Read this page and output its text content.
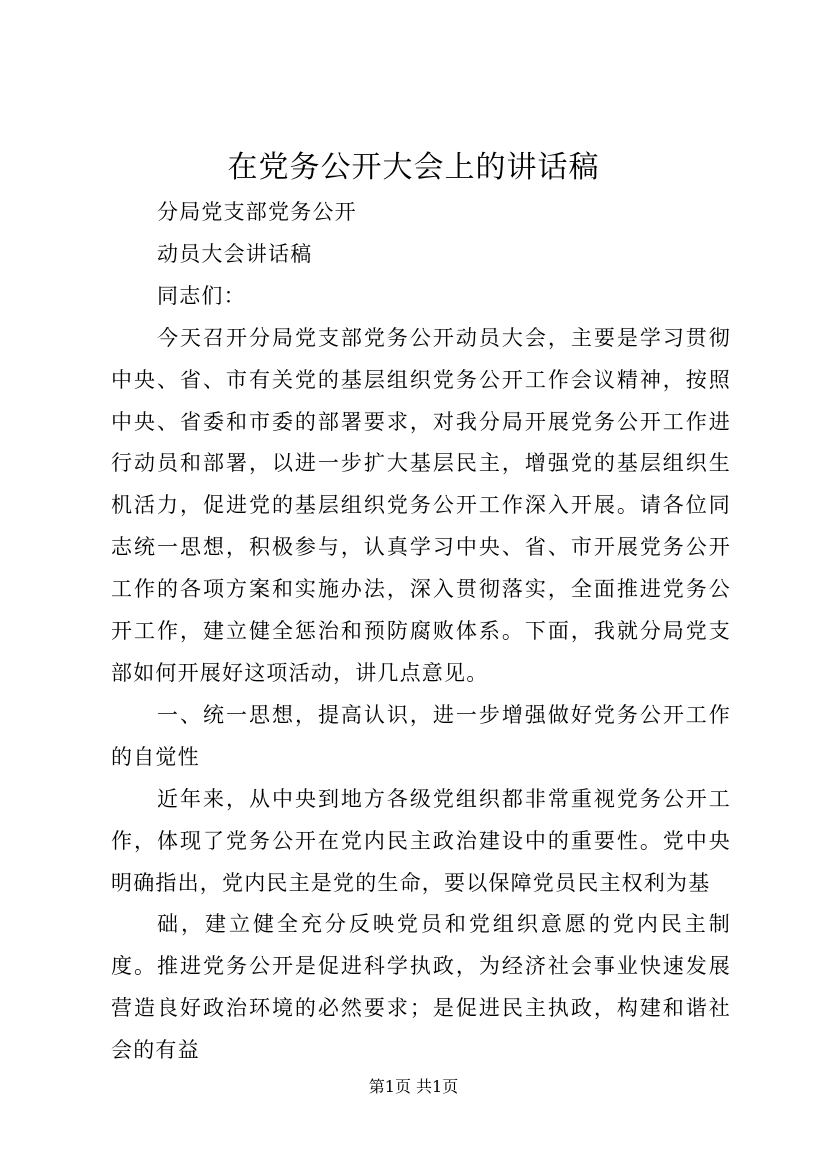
在党务公开大会上的讲话稿

分局党支部党务公开

动员大会讲话稿

同志们：

今天召开分局党支部党务公开动员大会，主要是学习贯彻中央、省、市有关党的基层组织党务公开工作会议精神，按照中央、省委和市委的部署要求，对我分局开展党务公开工作进行动员和部署，以进一步扩大基层民主，增强党的基层组织生机活力，促进党的基层组织党务公开工作深入开展。请各位同志统一思想，积极参与，认真学习中央、省、市开展党务公开工作的各项方案和实施办法，深入贯彻落实，全面推进党务公开工作，建立健全惩治和预防腐败体系。下面，我就分局党支部如何开展好这项活动，讲几点意见。

一、统一思想，提高认识，进一步增强做好党务公开工作的自觉性

近年来，从中央到地方各级党组织都非常重视党务公开工作，体现了党务公开在党内民主政治建设中的重要性。党中央明确指出，党内民主是党的生命，要以保障党员民主权利为基

础，建立健全充分反映党员和党组织意愿的党内民主制度。推进党务公开是促进科学执政，为经济社会事业快速发展营造良好政治环境的必然要求；是促进民主执政，构建和谐社会的有益

第1页 共1页
